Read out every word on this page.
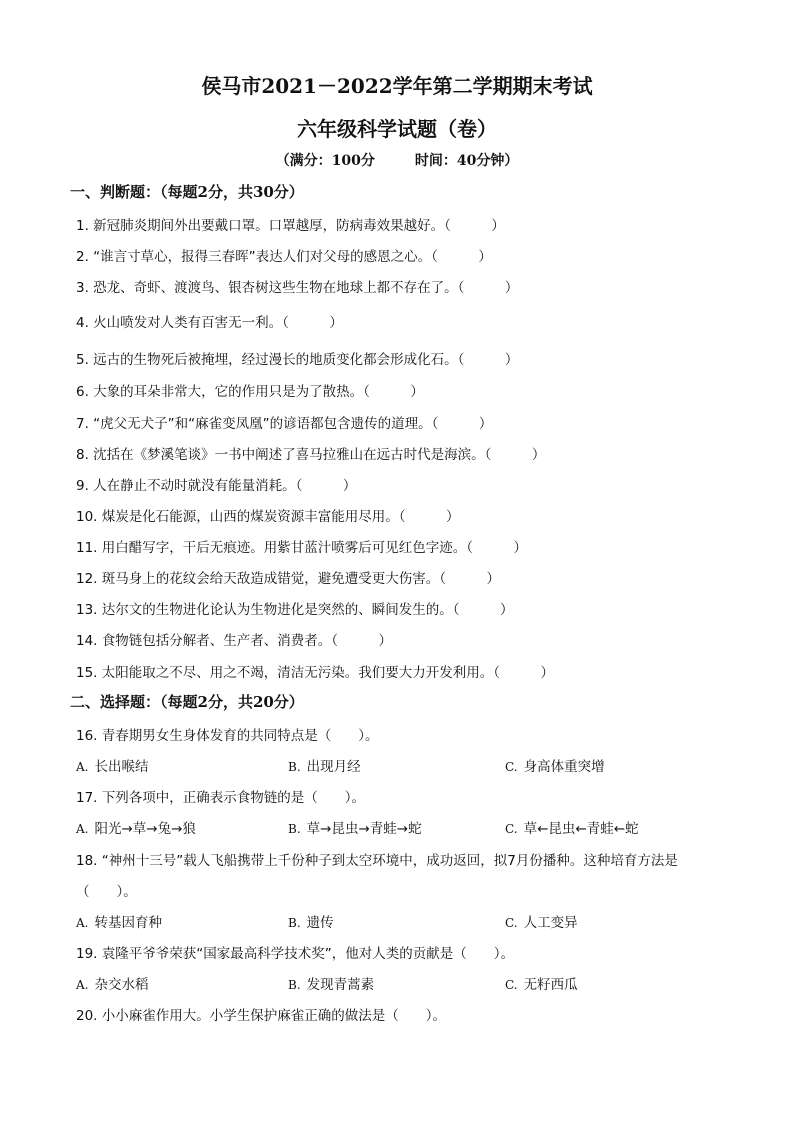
侯马市2021－2022学年第二学期期末考试
六年级科学试题（卷）
（满分：100分	时间：40分钟）
一、判断题：（每题2分，共30分）
1. 新冠肺炎期间外出要戴口罩。口罩越厚，防病毒效果越好。（　　　）
2. “谁言寸草心，报得三春晖”表达人们对父母的感恩之心。（　　　）
3. 恐龙、奇虾、渡渡鸟、银杏树这些生物在地球上都不存在了。（　　　）
4. 火山喷发对人类有百害无一利。（　　　）
5. 远古的生物死后被掩埋，经过漫长的地质变化都会形成化石。（　　　）
6. 大象的耳朵非常大，它的作用只是为了散热。（　　　）
7. “虎父无犬子”和“麻雀变凤凰”的谚语都包含遗传的道理。（　　　）
8. 沈括在《梦溪笔谈》一书中阐述了喜马拉雅山在远古时代是海滨。（　　　）
9. 人在静止不动时就没有能量消耗。（　　　）
10. 煤炭是化石能源，山西的煤炭资源丰富能用尽用。（　　　）
11. 用白醋写字，干后无痕迹。用紫甘蓝汁喷雾后可见红色字迹。（　　　）
12. 斑马身上的花纹会给天敌造成错觉，避免遭受更大伤害。（　　　）
13. 达尔文的生物进化论认为生物进化是突然的、瞬间发生的。（　　　）
14. 食物链包括分解者、生产者、消费者。（　　　）
15. 太阳能取之不尽、用之不竭，清洁无污染。我们要大力开发利用。（　　　）
二、选择题：（每题2分，共20分）
16. 青春期男女生身体发育的共同特点是（　　）。
A. 长出喉结	B. 出现月经	C. 身高体重突增
17. 下列各项中，正确表示食物链的是（　　）。
A. 阳光→草→兔→狼	B. 草→昆虫→青蛙→蛇	C. 草←昆虫←青蛙←蛇
18. “神州十三号”载人飞船携带上千份种子到太空环境中，成功返回，拟7月份播种。这种培育方法是
（　　）。
A. 转基因育种	B. 遗传	C. 人工变异
19. 袁隆平爷爷荣获“国家最高科学技术奖”，他对人类的贡献是（　　）。
A. 杂交水稻	B. 发现青蒿素	C. 无籽西瓜
20. 小小麻雀作用大。小学生保护麻雀正确的做法是（　　）。
